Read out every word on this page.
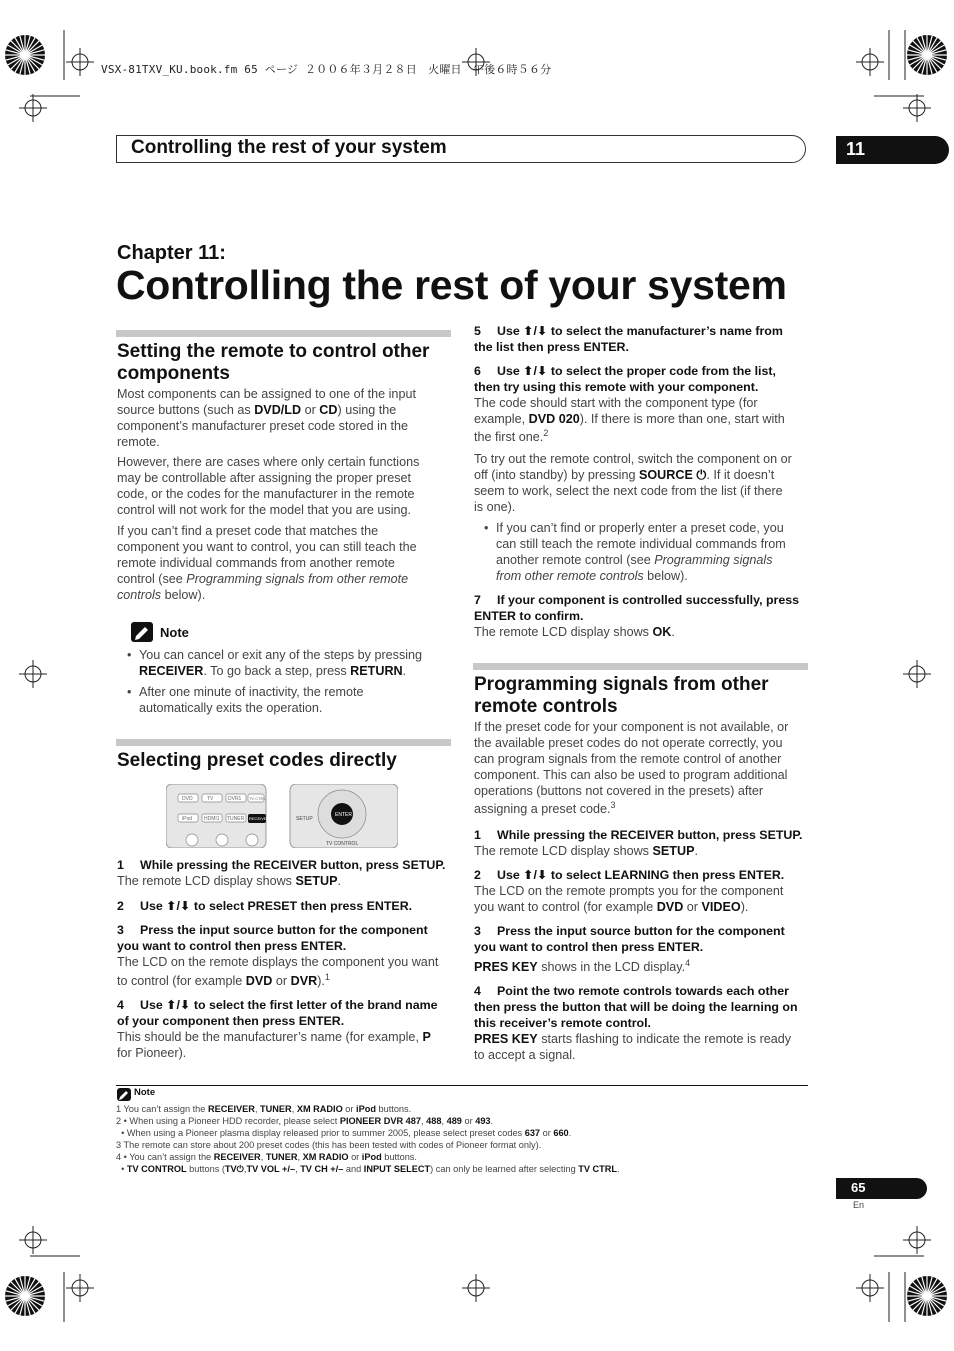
VSX-81TXV_KU.book.fm 65 ページ ２００６年３月２８日　火曜日　午後６時５６分
Controlling the rest of your system	11
Chapter 11:
Controlling the rest of your system
Setting the remote to control other
components
Most components can be assigned to one of the input
source buttons (such as DVD/LD or CD) using the
component’s manufacturer preset code stored in the
remote.
However, there are cases where only certain functions
may be controllable after assigning the proper preset
code, or the codes for the manufacturer in the remote
control will not work for the model that you are using.
If you can’t find a preset code that matches the
component you want to control, you can still teach the
remote individual commands from another remote
control (see Programming signals from other remote
controls below).
Note
• You can cancel or exit any of the steps by pressing
RECEIVER. To go back a step, press RETURN.
• After one minute of inactivity, the remote
automatically exits the operation.
Selecting preset codes directly
DVD	TV	DVR1 TV CTRL
iPod HDMI1 TUNER RECEIVER
ENTER
SETUP
TV CONTROL
1 While pressing the RECEIVER button, press SETUP.
The remote LCD display shows SETUP.
2 Use ⬆/⬇ to select PRESET then press ENTER.
3 Press the input source button for the component
you want to control then press ENTER.
The LCD on the remote displays the component you want
to control (for example DVD or DVR).$^1$
4 Use ⬆/⬇ to select the first letter of the brand name
of your component then press ENTER.
This should be the manufacturer’s name (for example, P
for Pioneer).
5 Use ⬆/⬇ to select the manufacturer’s name from
the list then press ENTER.
6 Use ⬆/⬇ to select the proper code from the list,
then try using this remote with your component.
The code should start with the component type (for
example, DVD 020). If there is more than one, start with
the first one.$^2$
To try out the remote control, switch the component on or
off (into standby) by pressing SOURCE ⏻. If it doesn’t
seem to work, select the next code from the list (if there
is one).
• If you can’t find or properly enter a preset code, you
can still teach the remote individual commands from
another remote control (see Programming signals
from other remote controls below).
7 If your component is controlled successfully, press
ENTER to confirm.
The remote LCD display shows OK.
Programming signals from other
remote controls
If the preset code for your component is not available, or
the available preset codes do not operate correctly, you
can program signals from the remote control of another
component. This can also be used to program additional
operations (buttons not covered in the presets) after
assigning a preset code.$^3$
1 While pressing the RECEIVER button, press SETUP.
The remote LCD display shows SETUP.
2 Use ⬆/⬇ to select LEARNING then press ENTER.
The LCD on the remote prompts you for the component
you want to control (for example DVD or VIDEO).
3 Press the input source button for the component
you want to control then press ENTER.
PRES KEY shows in the LCD display.$^4$
4 Point the two remote controls towards each other
then press the button that will be doing the learning on
this receiver’s remote control.
PRES KEY starts flashing to indicate the remote is ready
to accept a signal.
Note
1 You can’t assign the RECEIVER, TUNER, XM RADIO or iPod buttons.
2 • When using a Pioneer HDD recorder, please select PIONEER DVR 487, 488, 489 or 493.
• When using a Pioneer plasma display released prior to summer 2005, please select preset codes 637 or 660.
3 The remote can store about 200 preset codes (this has been tested with codes of Pioneer format only).
4 • You can’t assign the RECEIVER, TUNER, XM RADIO or iPod buttons.
• TV CONTROL buttons (TV⏻,TV VOL +/–, TV CH +/– and INPUT SELECT) can only be learned after selecting TV CTRL.
65
En
